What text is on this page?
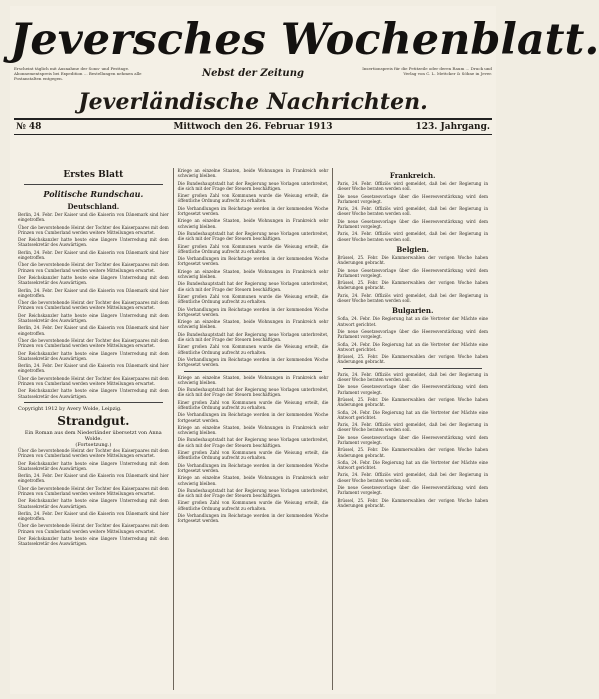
Jeversches Wochenblatt.
Erscheint täglich mit Ausnahme der Sonn- und Festtage. Abonnementspreis bei Expedition ... Bestellungen nehmen alle Postanstalten entgegen.	Nebst der Zeitung	Insertionspreis für die Petitzeile oder deren Raum ... Druck und Verlag von C. L. Mettcker & Söhne in Jever.
Jeverländische Nachrichten.
№ 48	Mittwoch den 26. Februar 1913	123. Jahrgang.
Erstes Blatt
Politische Rundschau.
Deutschland.

Berlin, 24. Febr. Der Kaiser und die Kaiserin von Dänemark sind hier eingetroffen.

Über die bevorstehende Heirat der Tochter des Kaiserpaares mit dem Prinzen von Cumberland werden weitere Mitteilungen erwartet.

Der Reichskanzler hatte heute eine längere Unterredung mit dem Staatssekretär des Auswärtigen.

Berlin, 24. Febr. Der Kaiser und die Kaiserin von Dänemark sind hier eingetroffen.

Über die bevorstehende Heirat der Tochter des Kaiserpaares mit dem Prinzen von Cumberland werden weitere Mitteilungen erwartet.

Der Reichskanzler hatte heute eine längere Unterredung mit dem Staatssekretär des Auswärtigen.

Berlin, 24. Febr. Der Kaiser und die Kaiserin von Dänemark sind hier eingetroffen.

Über die bevorstehende Heirat der Tochter des Kaiserpaares mit dem Prinzen von Cumberland werden weitere Mitteilungen erwartet.

Der Reichskanzler hatte heute eine längere Unterredung mit dem Staatssekretär des Auswärtigen.

Berlin, 24. Febr. Der Kaiser und die Kaiserin von Dänemark sind hier eingetroffen.

Über die bevorstehende Heirat der Tochter des Kaiserpaares mit dem Prinzen von Cumberland werden weitere Mitteilungen erwartet.

Der Reichskanzler hatte heute eine längere Unterredung mit dem Staatssekretär des Auswärtigen.

Berlin, 24. Febr. Der Kaiser und die Kaiserin von Dänemark sind hier eingetroffen.

Über die bevorstehende Heirat der Tochter des Kaiserpaares mit dem Prinzen von Cumberland werden weitere Mitteilungen erwartet.

Der Reichskanzler hatte heute eine längere Unterredung mit dem Staatssekretär des Auswärtigen.

Copyright 1912 by Avery Wolde, Leipzig.
Strandgut.
Ein Roman aus dem Niederländer übersetzt von Anna Wolde.
(Fortsetzung.)

Über die bevorstehende Heirat der Tochter des Kaiserpaares mit dem Prinzen von Cumberland werden weitere Mitteilungen erwartet.

Der Reichskanzler hatte heute eine längere Unterredung mit dem Staatssekretär des Auswärtigen.

Berlin, 24. Febr. Der Kaiser und die Kaiserin von Dänemark sind hier eingetroffen.

Über die bevorstehende Heirat der Tochter des Kaiserpaares mit dem Prinzen von Cumberland werden weitere Mitteilungen erwartet.

Der Reichskanzler hatte heute eine längere Unterredung mit dem Staatssekretär des Auswärtigen.

Berlin, 24. Febr. Der Kaiser und die Kaiserin von Dänemark sind hier eingetroffen.

Über die bevorstehende Heirat der Tochter des Kaiserpaares mit dem Prinzen von Cumberland werden weitere Mitteilungen erwartet.

Der Reichskanzler hatte heute eine längere Unterredung mit dem Staatssekretär des Auswärtigen.

Kriege an einzelne Staaten, beide Wohnungen in Frankreich sehr schwierig bleiben.

Die Bundeshauptstadt hat der Regierung neue Vorlagen unterbreitet, die sich mit der Frage der Steuern beschäftigen.

Einer großen Zahl von Kommunen wurde die Weisung erteilt, die öffentliche Ordnung aufrecht zu erhalten.

Die Verhandlungen im Reichstage werden in der kommenden Woche fortgesetzt werden.

Kriege an einzelne Staaten, beide Wohnungen in Frankreich sehr schwierig bleiben.

Die Bundeshauptstadt hat der Regierung neue Vorlagen unterbreitet, die sich mit der Frage der Steuern beschäftigen.

Einer großen Zahl von Kommunen wurde die Weisung erteilt, die öffentliche Ordnung aufrecht zu erhalten.

Die Verhandlungen im Reichstage werden in der kommenden Woche fortgesetzt werden.

Kriege an einzelne Staaten, beide Wohnungen in Frankreich sehr schwierig bleiben.

Die Bundeshauptstadt hat der Regierung neue Vorlagen unterbreitet, die sich mit der Frage der Steuern beschäftigen.

Einer großen Zahl von Kommunen wurde die Weisung erteilt, die öffentliche Ordnung aufrecht zu erhalten.

Die Verhandlungen im Reichstage werden in der kommenden Woche fortgesetzt werden.

Kriege an einzelne Staaten, beide Wohnungen in Frankreich sehr schwierig bleiben.

Die Bundeshauptstadt hat der Regierung neue Vorlagen unterbreitet, die sich mit der Frage der Steuern beschäftigen.

Einer großen Zahl von Kommunen wurde die Weisung erteilt, die öffentliche Ordnung aufrecht zu erhalten.

Die Verhandlungen im Reichstage werden in der kommenden Woche fortgesetzt werden.

Kriege an einzelne Staaten, beide Wohnungen in Frankreich sehr schwierig bleiben.

Die Bundeshauptstadt hat der Regierung neue Vorlagen unterbreitet, die sich mit der Frage der Steuern beschäftigen.

Einer großen Zahl von Kommunen wurde die Weisung erteilt, die öffentliche Ordnung aufrecht zu erhalten.

Die Verhandlungen im Reichstage werden in der kommenden Woche fortgesetzt werden.

Kriege an einzelne Staaten, beide Wohnungen in Frankreich sehr schwierig bleiben.

Die Bundeshauptstadt hat der Regierung neue Vorlagen unterbreitet, die sich mit der Frage der Steuern beschäftigen.

Einer großen Zahl von Kommunen wurde die Weisung erteilt, die öffentliche Ordnung aufrecht zu erhalten.

Die Verhandlungen im Reichstage werden in der kommenden Woche fortgesetzt werden.

Kriege an einzelne Staaten, beide Wohnungen in Frankreich sehr schwierig bleiben.

Die Bundeshauptstadt hat der Regierung neue Vorlagen unterbreitet, die sich mit der Frage der Steuern beschäftigen.

Einer großen Zahl von Kommunen wurde die Weisung erteilt, die öffentliche Ordnung aufrecht zu erhalten.

Die Verhandlungen im Reichstage werden in der kommenden Woche fortgesetzt werden.

Frankreich.

Paris, 24. Febr. Offiziös wird gemeldet, daß bei der Regierung in dieser Woche beraten werden soll.

Die neue Gesetzesvorlage über die Heeresverstärkung wird dem Parlament vorgelegt.

Paris, 24. Febr. Offiziös wird gemeldet, daß bei der Regierung in dieser Woche beraten werden soll.

Die neue Gesetzesvorlage über die Heeresverstärkung wird dem Parlament vorgelegt.

Paris, 24. Febr. Offiziös wird gemeldet, daß bei der Regierung in dieser Woche beraten werden soll.

Belgien.

Brüssel, 25. Febr. Die Kammerwahlen der vorigen Woche haben Änderungen gebracht.

Die neue Gesetzesvorlage über die Heeresverstärkung wird dem Parlament vorgelegt.

Brüssel, 25. Febr. Die Kammerwahlen der vorigen Woche haben Änderungen gebracht.

Paris, 24. Febr. Offiziös wird gemeldet, daß bei der Regierung in dieser Woche beraten werden soll.

Bulgarien.

Sofia, 24. Febr. Die Regierung hat an die Vertreter der Mächte eine Antwort gerichtet.

Die neue Gesetzesvorlage über die Heeresverstärkung wird dem Parlament vorgelegt.

Sofia, 24. Febr. Die Regierung hat an die Vertreter der Mächte eine Antwort gerichtet.

Brüssel, 25. Febr. Die Kammerwahlen der vorigen Woche haben Änderungen gebracht.

Paris, 24. Febr. Offiziös wird gemeldet, daß bei der Regierung in dieser Woche beraten werden soll.

Die neue Gesetzesvorlage über die Heeresverstärkung wird dem Parlament vorgelegt.

Brüssel, 25. Febr. Die Kammerwahlen der vorigen Woche haben Änderungen gebracht.

Sofia, 24. Febr. Die Regierung hat an die Vertreter der Mächte eine Antwort gerichtet.

Paris, 24. Febr. Offiziös wird gemeldet, daß bei der Regierung in dieser Woche beraten werden soll.

Die neue Gesetzesvorlage über die Heeresverstärkung wird dem Parlament vorgelegt.

Brüssel, 25. Febr. Die Kammerwahlen der vorigen Woche haben Änderungen gebracht.

Sofia, 24. Febr. Die Regierung hat an die Vertreter der Mächte eine Antwort gerichtet.

Paris, 24. Febr. Offiziös wird gemeldet, daß bei der Regierung in dieser Woche beraten werden soll.

Die neue Gesetzesvorlage über die Heeresverstärkung wird dem Parlament vorgelegt.

Brüssel, 25. Febr. Die Kammerwahlen der vorigen Woche haben Änderungen gebracht.
